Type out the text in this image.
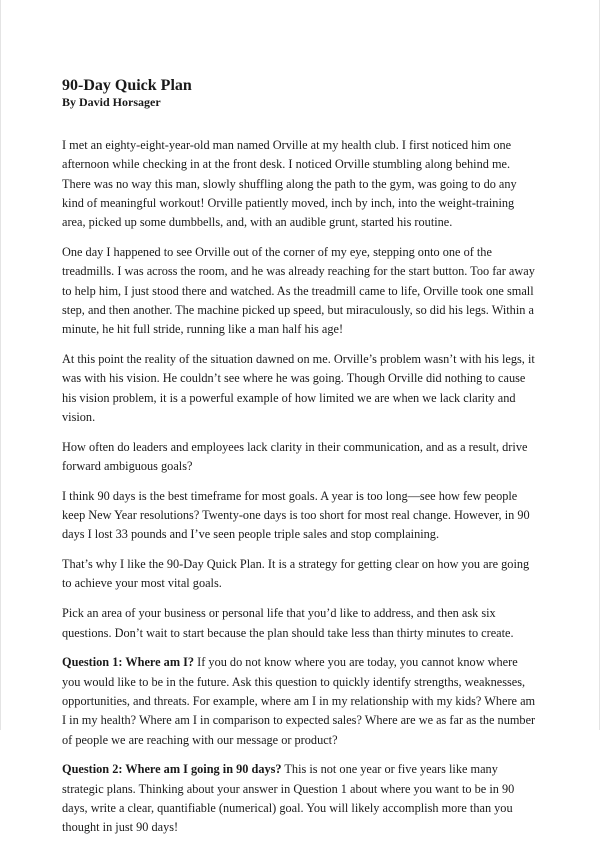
90-Day Quick Plan
By David Horsager

I met an eighty-eight-year-old man named Orville at my health club. I first noticed him one afternoon while checking in at the front desk. I noticed Orville stumbling along behind me. There was no way this man, slowly shuffling along the path to the gym, was going to do any kind of meaningful workout! Orville patiently moved, inch by inch, into the weight-training area, picked up some dumbbells, and, with an audible grunt, started his routine.

One day I happened to see Orville out of the corner of my eye, stepping onto one of the treadmills. I was across the room, and he was already reaching for the start button. Too far away to help him, I just stood there and watched. As the treadmill came to life, Orville took one small step, and then another. The machine picked up speed, but miraculously, so did his legs. Within a minute, he hit full stride, running like a man half his age!

At this point the reality of the situation dawned on me. Orville’s problem wasn’t with his legs, it was with his vision. He couldn’t see where he was going. Though Orville did nothing to cause his vision problem, it is a powerful example of how limited we are when we lack clarity and vision.

How often do leaders and employees lack clarity in their communication, and as a result, drive forward ambiguous goals?

I think 90 days is the best timeframe for most goals. A year is too long—see how few people keep New Year resolutions? Twenty-one days is too short for most real change. However, in 90 days I lost 33 pounds and I’ve seen people triple sales and stop complaining.

That’s why I like the 90-Day Quick Plan. It is a strategy for getting clear on how you are going to achieve your most vital goals.

Pick an area of your business or personal life that you’d like to address, and then ask six questions. Don’t wait to start because the plan should take less than thirty minutes to create.

Question 1: Where am I? If you do not know where you are today, you cannot know where you would like to be in the future. Ask this question to quickly identify strengths, weaknesses, opportunities, and threats. For example, where am I in my relationship with my kids? Where am I in my health? Where am I in comparison to expected sales? Where are we as far as the number of people we are reaching with our message or product?

Question 2: Where am I going in 90 days? This is not one year or five years like many strategic plans. Thinking about your answer in Question 1 about where you want to be in 90 days, write a clear, quantifiable (numerical) goal. You will likely accomplish more than you thought in just 90 days!
